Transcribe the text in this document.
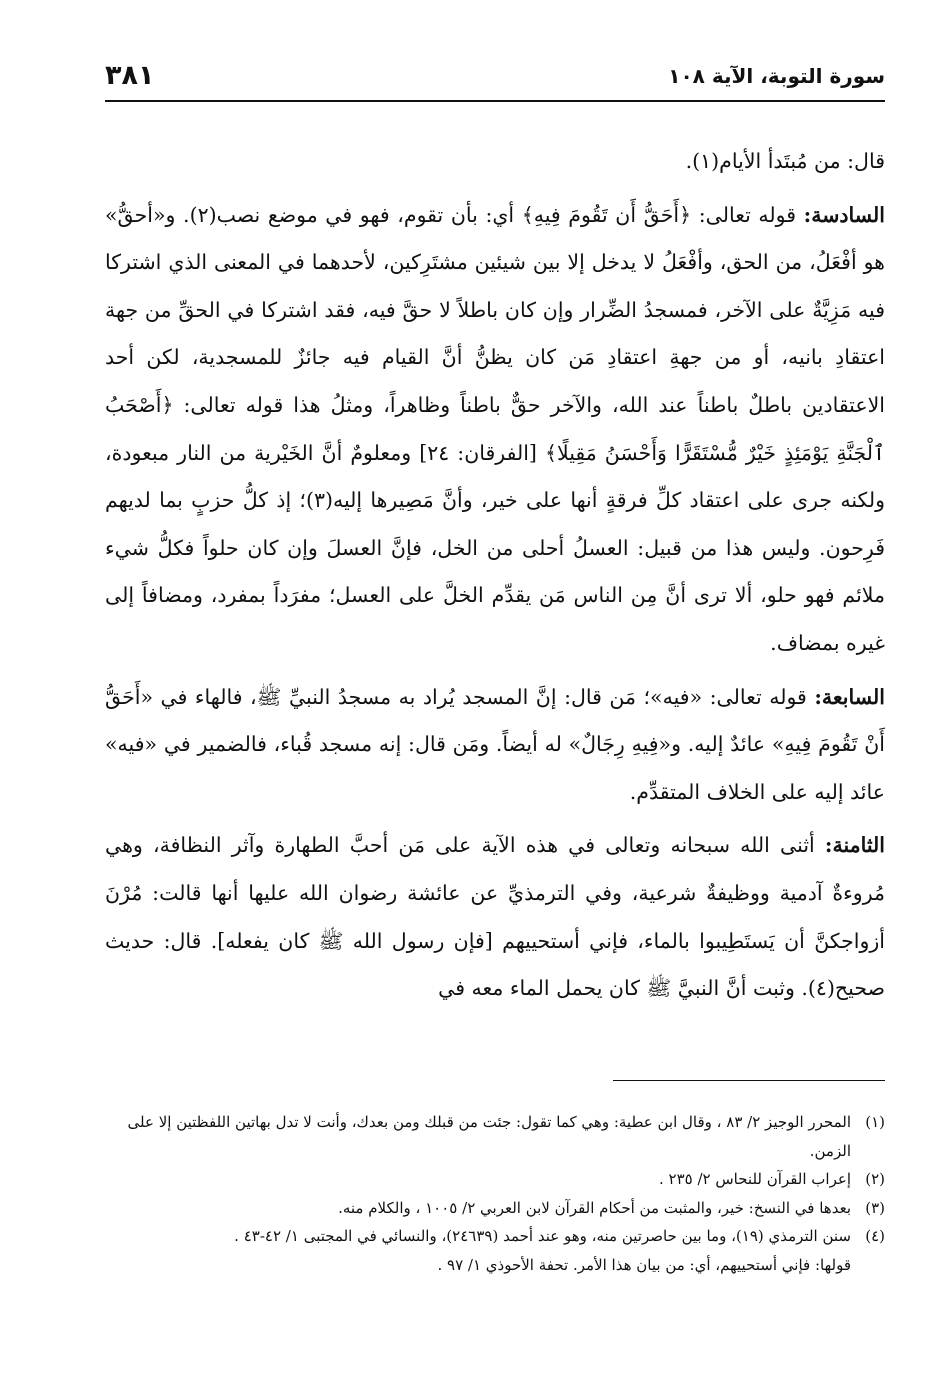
سورة التوبة، الآية ١٠٨
٣٨١

قال: من مُبتَدأ الأيام(١).

السادسة: قوله تعالى: ﴿أَحَقُّ أَن تَقُومَ فِيهِ﴾ أي: بأن تقوم، فهو في موضع نصب(٢). و«أحقُّ» هو أفْعَلُ، من الحق، وأفْعَلُ لا يدخل إلا بين شيئين مشتَرِكين، لأحدهما في المعنى الذي اشتركا فيه مَزِيَّةٌ على الآخر، فمسجدُ الضِّرار وإن كان باطلاً لا حقَّ فيه، فقد اشتركا في الحقِّ من جهة اعتقادِ بانيه، أو من جهةِ اعتقادِ مَن كان يظنُّ أنَّ القيام فيه جائزٌ للمسجدية، لكن أحد الاعتقادين باطلٌ باطناً عند الله، والآخر حقٌّ باطناً وظاهراً، ومثلُ هذا قوله تعالى: ﴿أَصْحَبُ ٱلْجَنَّةِ يَوْمَئِذٍ خَيْرٌ مُّسْتَقَرًّا وَأَحْسَنُ مَقِيلًا﴾ [الفرقان: ٢٤] ومعلومٌ أنَّ الخَيْرية من النار مبعودة، ولكنه جرى على اعتقاد كلِّ فرقةٍ أنها على خير، وأنَّ مَصِيرها إليه(٣)؛ إذ كلُّ حزبٍ بما لديهم فَرِحون. وليس هذا من قبيل: العسلُ أحلى من الخل، فإنَّ العسلَ وإن كان حلواً فكلُّ شيء ملائم فهو حلو، ألا ترى أنَّ مِن الناس مَن يقدِّم الخلَّ على العسل؛ مفرَداً بمفرد، ومضافاً إلى غيره بمضاف.

السابعة: قوله تعالى: «فيه»؛ مَن قال: إنَّ المسجد يُراد به مسجدُ النبيِّ ﷺ، فالهاء في «أَحَقُّ أَنْ تَقُومَ فِيهِ» عائدٌ إليه. و«فِيهِ رِجَالٌ» له أيضاً. ومَن قال: إنه مسجد قُباء، فالضمير في «فيه» عائد إليه على الخلاف المتقدِّم.

الثامنة: أثنى الله سبحانه وتعالى في هذه الآية على مَن أحبَّ الطهارة وآثر النظافة، وهي مُروءةٌ آدمية ووظيفةٌ شرعية، وفي الترمذيِّ عن عائشة رضوان الله عليها أنها قالت: مُرْنَ أزواجكنَّ أن يَستَطِيبوا بالماء، فإني أستحييهم [فإن رسول الله ﷺ كان يفعله]. قال: حديث صحيح(٤). وثبت أنَّ النبيَّ ﷺ كان يحمل الماء معه في

(١)
المحرر الوجيز ٢/ ٨٣ ، وقال ابن عطية: وهي كما تقول: جئت من قبلك ومن بعدك، وأنت لا تدل بهاتين اللفظتين إلا على الزمن.

(٢)
إعراب القرآن للنحاس ٢/ ٢٣٥ .

(٣)
بعدها في النسخ: خير، والمثبت من أحكام القرآن لابن العربي ٢/ ١٠٠٥ ، والكلام منه.

(٤)
سنن الترمذي (١٩)، وما بين حاصرتين منه، وهو عند أحمد (٢٤٦٣٩)، والنسائي في المجتبى ١/ ٤٢-٤٣ .

قولها: فإني أستحييهم، أي: من بيان هذا الأمر. تحفة الأحوذي ١/ ٩٧ .
